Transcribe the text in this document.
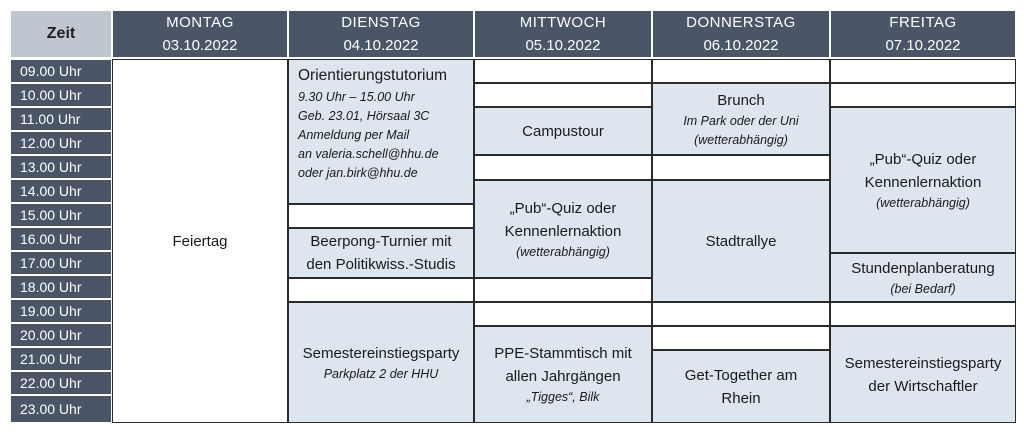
Zeit
MONTAG
03.10.2022
DIENSTAG
04.10.2022
MITTWOCH
05.10.2022
DONNERSTAG
06.10.2022
FREITAG
07.10.2022
09.00 Uhr
10.00 Uhr
11.00 Uhr
12.00 Uhr
13.00 Uhr
14.00 Uhr
15.00 Uhr
16.00 Uhr
17.00 Uhr
18.00 Uhr
19.00 Uhr
20.00 Uhr
21.00 Uhr
22.00 Uhr
23.00 Uhr
Feiertag
Orientierungstutorium
9.30 Uhr – 15.00 Uhr
Geb. 23.01, Hörsaal 3C
Anmeldung per Mail
an valeria.schell@hhu.de
oder jan.birk@hhu.de
Beerpong-Turnier mit
den Politikwiss.-Studis
Semestereinstiegsparty
Parkplatz 2 der HHU
Campustour
„Pub“-Quiz oder
Kennenlernaktion
(wetterabhängig)
PPE-Stammtisch mit
allen Jahrgängen
„Tigges“, Bilk
Brunch
Im Park oder der Uni
(wetterabhängig)
Stadtrallye
Get-Together am
Rhein
„Pub“-Quiz oder
Kennenlernaktion
(wetterabhängig)
Stundenplanberatung
(bei Bedarf)
Semestereinstiegsparty
der Wirtschaftler
